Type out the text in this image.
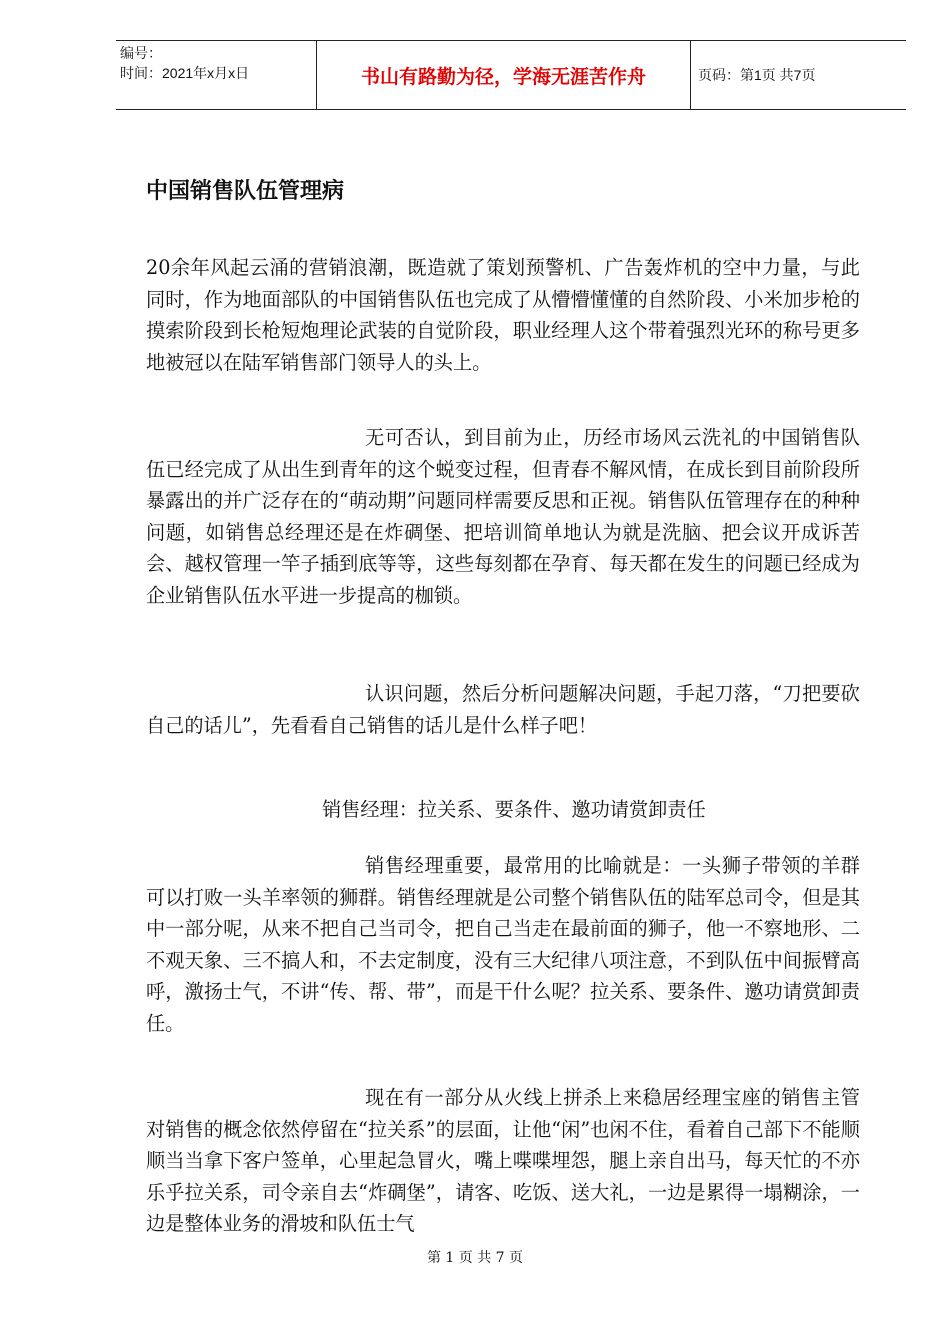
编号：
时间：2021年x月x日	书山有路勤为径，学海无涯苦作舟	页码：第1页 共7页
中国销售队伍管理病
20余年风起云涌的营销浪潮，既造就了策划预警机、广告轰炸机的空中力量，与此同时，作为地面部队的中国销售队伍也完成了从懵懵懂懂的自然阶段、小米加步枪的摸索阶段到长枪短炮理论武装的自觉阶段，职业经理人这个带着强烈光环的称号更多地被冠以在陆军销售部门领导人的头上。
无可否认，到目前为止，历经市场风云洗礼的中国销售队伍已经完成了从出生到青年的这个蜕变过程，但青春不解风情，在成长到目前阶段所暴露出的并广泛存在的“萌动期”问题同样需要反思和正视。销售队伍管理存在的种种问题，如销售总经理还是在炸碉堡、把培训简单地认为就是洗脑、把会议开成诉苦会、越权管理一竿子插到底等等，这些每刻都在孕育、每天都在发生的问题已经成为企业销售队伍水平进一步提高的枷锁。
认识问题，然后分析问题解决问题，手起刀落，“刀把要砍自己的话儿”，先看看自己销售的话儿是什么样子吧！
销售经理：拉关系、要条件、邀功请赏卸责任
销售经理重要，最常用的比喻就是：一头狮子带领的羊群可以打败一头羊率领的狮群。销售经理就是公司整个销售队伍的陆军总司令，但是其中一部分呢，从来不把自己当司令，把自己当走在最前面的狮子，他一不察地形、二不观天象、三不搞人和，不去定制度，没有三大纪律八项注意，不到队伍中间振臂高呼，激扬士气，不讲“传、帮、带”，而是干什么呢？拉关系、要条件、邀功请赏卸责任。
现在有一部分从火线上拼杀上来稳居经理宝座的销售主管对销售的概念依然停留在“拉关系”的层面，让他“闲”也闲不住，看着自己部下不能顺顺当当拿下客户签单，心里起急冒火，嘴上喋喋埋怨，腿上亲自出马，每天忙的不亦乐乎拉关系，司令亲自去“炸碉堡”，请客、吃饭、送大礼，一边是累得一塌糊涂，一边是整体业务的滑坡和队伍士气
第 1 页 共 7 页
